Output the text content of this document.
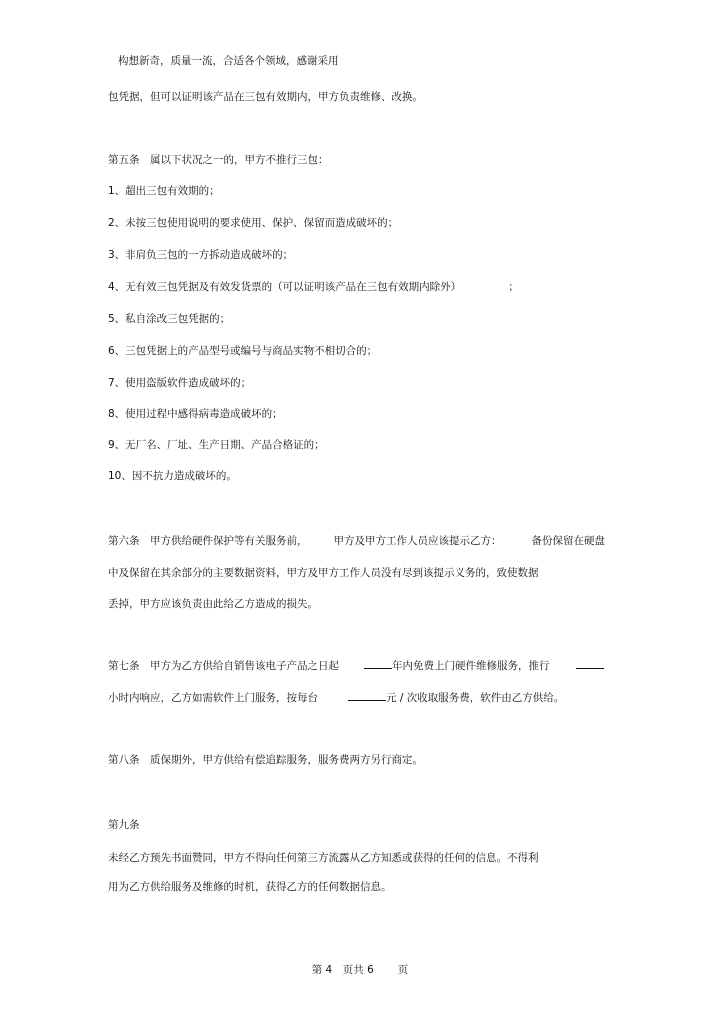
构想新奇，质量一流，合适各个领域，感谢采用
包凭据，但可以证明该产品在三包有效期内，甲方负责维修、改换。
第五条　属以下状况之一的，甲方不推行三包：
1、超出三包有效期的；
2、未按三包使用说明的要求使用、保护、保留而造成破坏的；
3、非肩负三包的一方拆动造成破坏的；
4、无有效三包凭据及有效发货票的（可以证明该产品在三包有效期内除外）　　　　　；
5、私自涂改三包凭据的；
6、三包凭据上的产品型号或编号与商品实物不相切合的；
7、使用盗版软件造成破坏的；
8、使用过程中感得病毒造成破坏的；
9、无厂名、厂址、生产日期、产品合格证的；
10、因不抗力造成破坏的。
第六条　甲方供给硬件保护等有关服务前， 甲方及甲方工作人员应该提示乙方：	备份保留在硬盘
中及保留在其余部分的主要数据资料，甲方及甲方工作人员没有尽到该提示义务的，致使数据
丢掉，甲方应该负责由此给乙方造成的损失。
第七条　甲方为乙方供给自销售该电子产品之日起	年内免费上门硬件维修服务，推行
小时内响应，乙方如需软件上门服务，按每台	元 / 次收取服务费，软件由乙方供给。
第八条　质保期外，甲方供给有偿追踪服务，服务费两方另行商定。
第九条
未经乙方预先书面赞同，甲方不得向任何第三方流露从乙方知悉或获得的任何的信息。不得利
用为乙方供给服务及维修的时机，获得乙方的任何数据信息。
第 4　页共 6 页
